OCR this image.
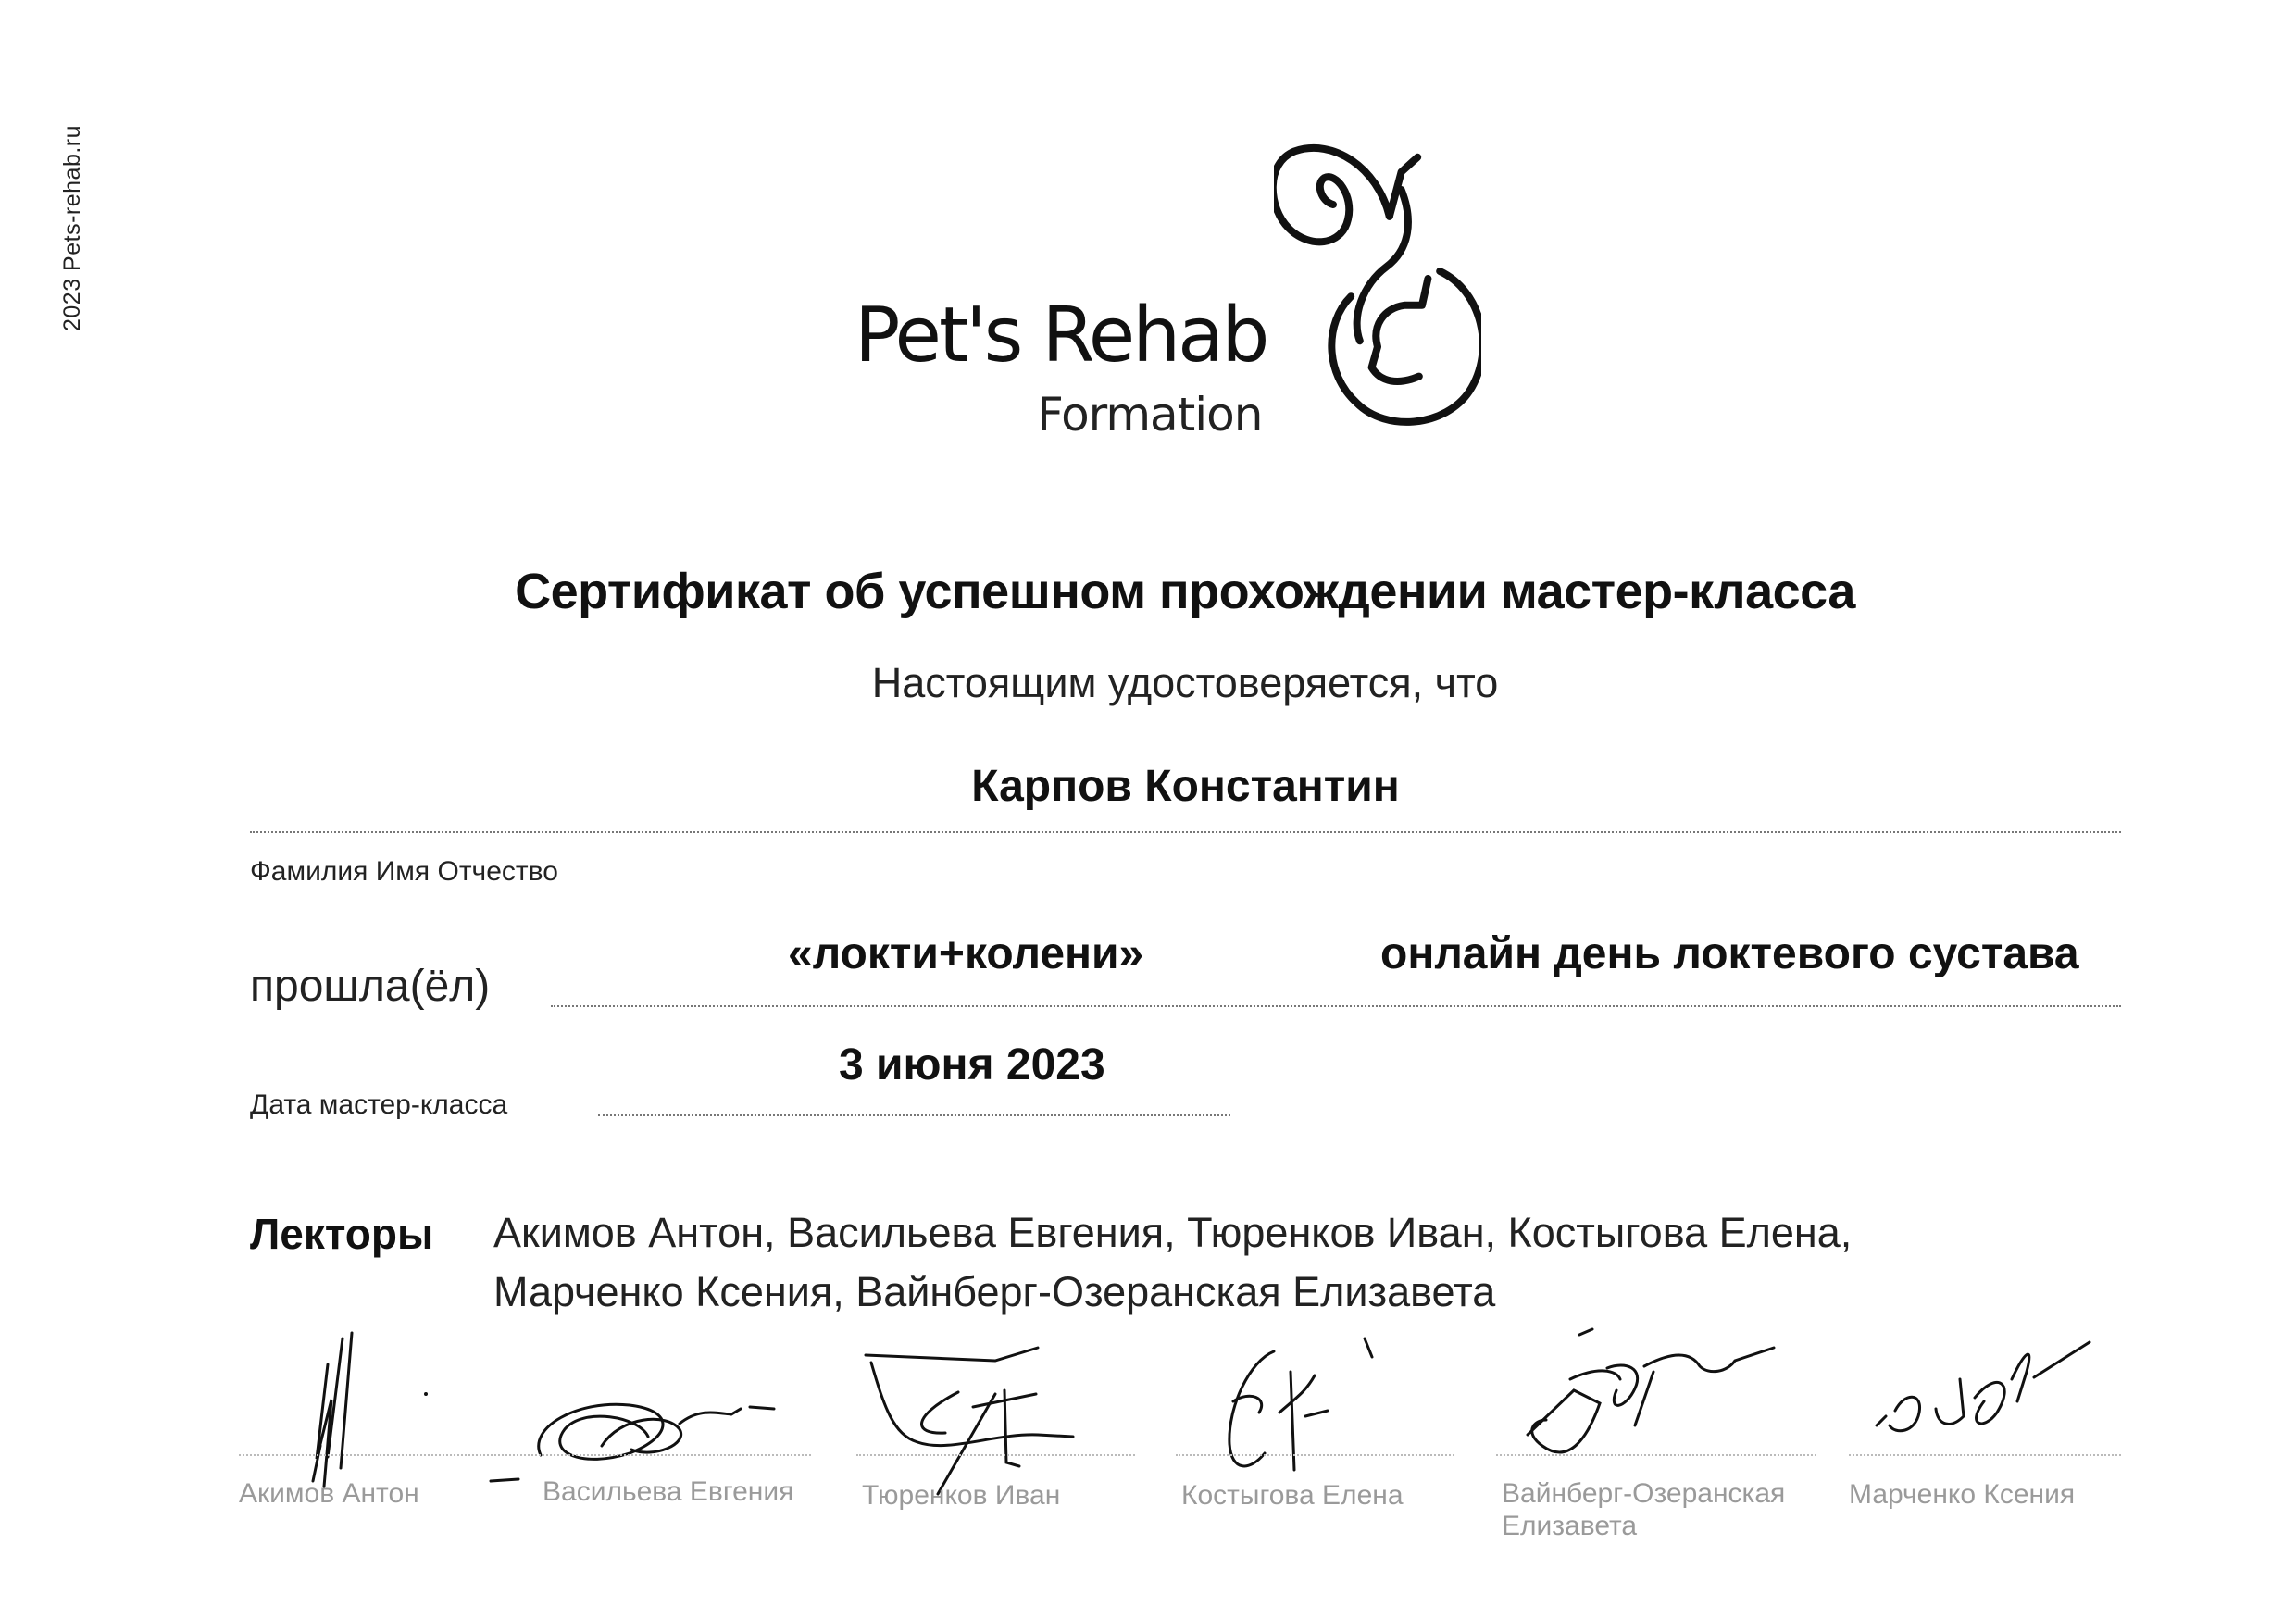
2023 Pets-rehab.ru
Pet's Rehab
Formation
Сертификат об успешном прохождении мастер-класса
Настоящим удостоверяется, что
Карпов Константин
Фамилия Имя Отчество
прошла(ёл)
«локти+колени»	онлайн день локтевого сустава
3 июня 2023
Дата мастер-класса
Лекторы Акимов Антон, Васильева Евгения, Тюренков Иван, Костыгова Елена,
Марченко Ксения, Вайнберг-Озеранская Елизавета
Акимов Антон	Васильева Евгения Тюренков Иван	Костыгова Елена	Вайнберг-Озеранская Елизавета
Марченко Ксения
